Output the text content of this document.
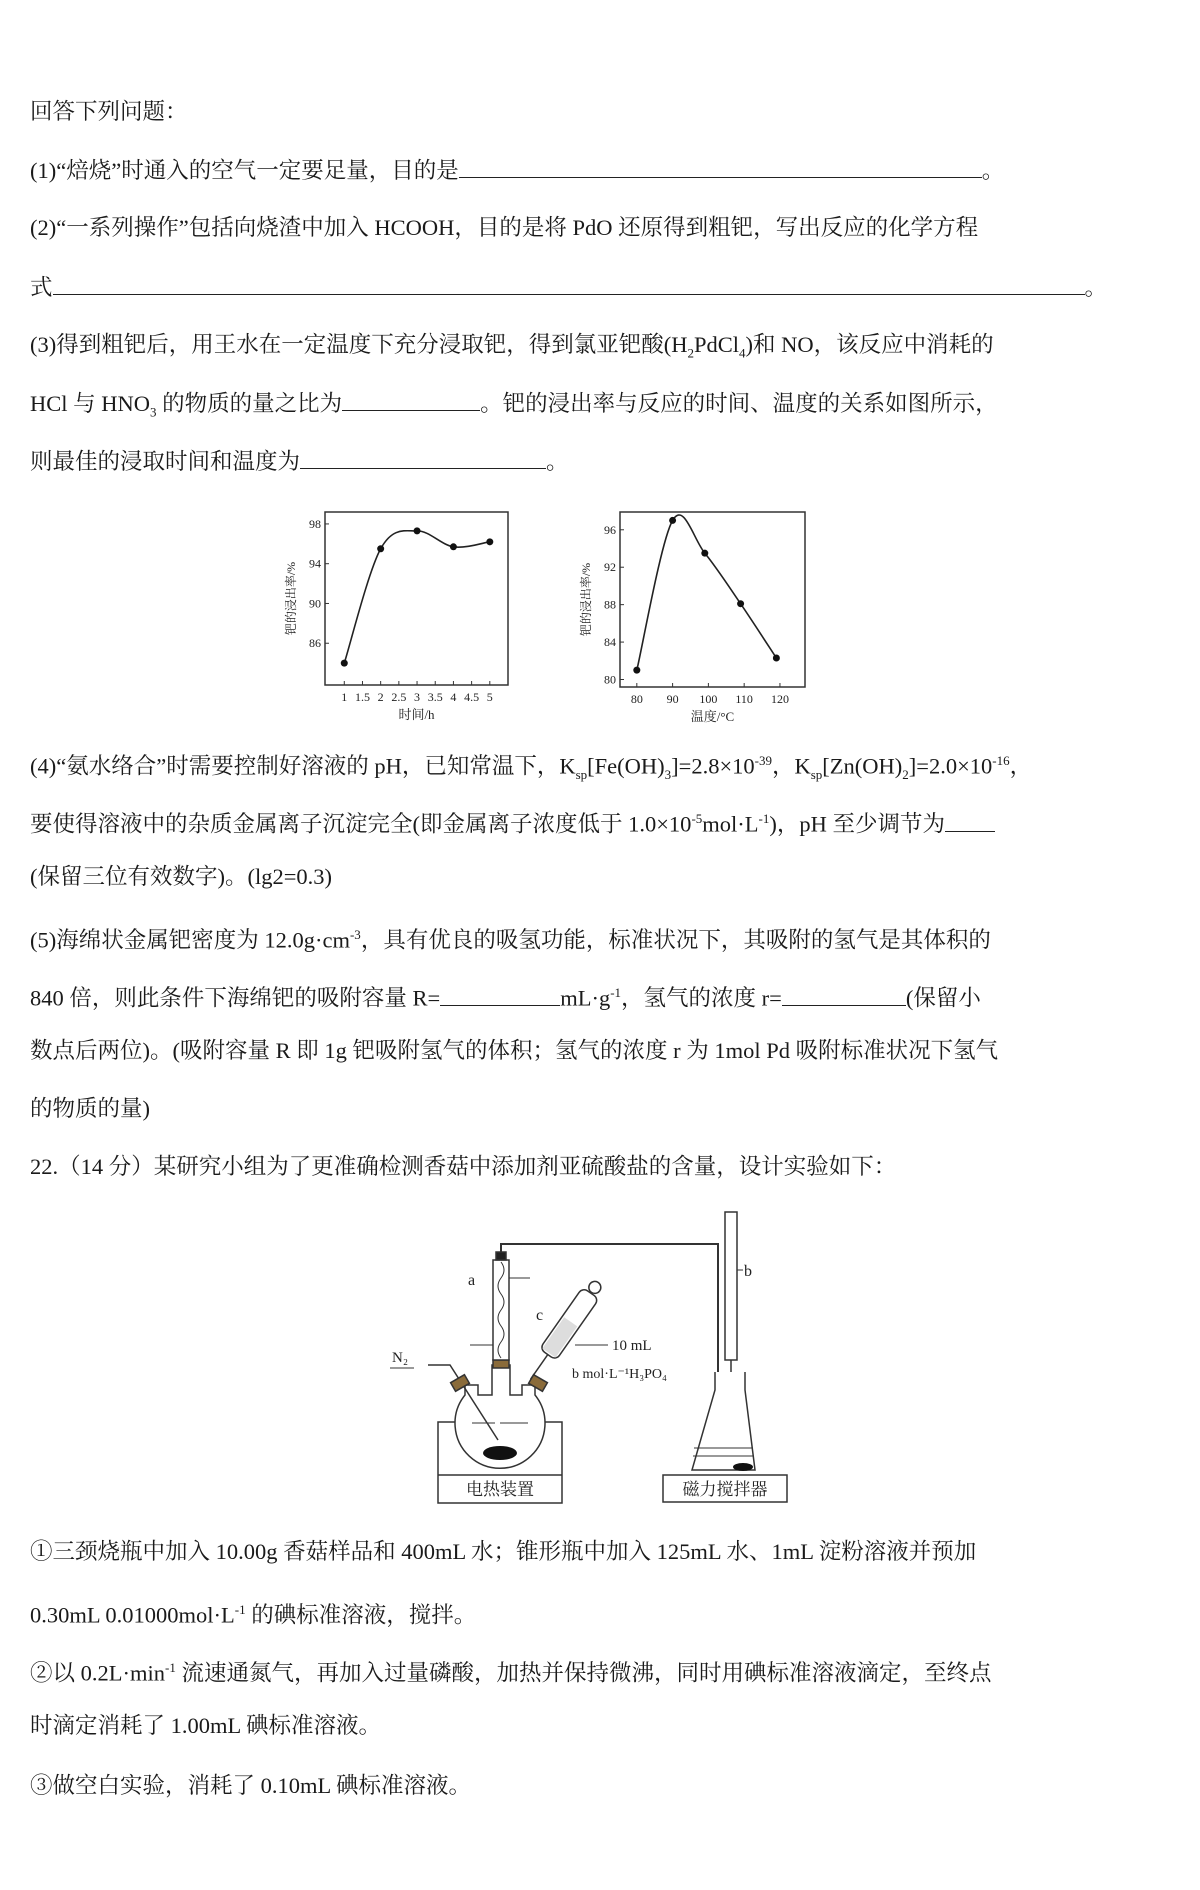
回答下列问题：
(1)“焙烧”时通入的空气一定要足量，目的是	。
(2)“一系列操作”包括向烧渣中加入 HCOOH，目的是将 PdO 还原得到粗钯，写出反应的化学方程
式	。
(3)得到粗钯后，用王水在一定温度下充分浸取钯，得到氯亚钯酸$(H_2PdCl_4)$和 NO，该反应中消耗的
HCl 与 $HNO_3$ 的物质的量之比为	。钯的浸出率与反应的时间、温度的关系如图所示，
则最佳的浸取时间和温度为	。
(4)“氨水络合”时需要控制好溶液的 pH，已知常温下，$K_{sp}[Fe(OH)_3]=2.8\times 10^{-39}$，$K_{sp}[Zn(OH)_2]=2.0\times 10^{-16}$，
要使得溶液中的杂质金属离子沉淀完全(即金属离子浓度低于 $1.0\times 10^{-5}mol\cdot L^{-1}$)，pH 至少调节为
(保留三位有效数字)。(lg2=0.3)
(5)海绵状金属钯密度为 $12.0g\cdot cm^{-3}$，具有优良的吸氢功能，标准状况下，其吸附的氢气是其体积的
840 倍，则此条件下海绵钯的吸附容量 R=	$mL\cdot g^{-1}$，氢气的浓度 r=	(保留小
数点后两位)。(吸附容量 R 即 1g 钯吸附氢气的体积；氢气的浓度 r 为 1mol Pd 吸附标准状况下氢气
的物质的量)
22.（14 分）某研究小组为了更准确检测香菇中添加剂亚硫酸盐的含量，设计实验如下：
①三颈烧瓶中加入 10.00g 香菇样品和 400mL 水；锥形瓶中加入 125mL 水、1mL 淀粉溶液并预加
0.30mL $0.01000mol\cdot L^{-1}$ 的碘标准溶液，搅拌。
②以 $0.2L\cdot\min^{-1}$ 流速通氮气，再加入过量磷酸，加热并保持微沸，同时用碘标准溶液滴定，至终点
时滴定消耗了 1.00mL 碘标准溶液。
③做空白实验，消耗了 0.10mL 碘标准溶液。
1 1.5 2 2.5 3 3.5 4 4.5 5
86
90
94
98
时间/h
钯的浸出率/%
80 90 100 110 120
80
84
88
92
96
温度/°C
钯的浸出率/%
电热装置
N₂
a
c
10 mL
b mol·L⁻¹H₃PO₄
b
磁力搅拌器
